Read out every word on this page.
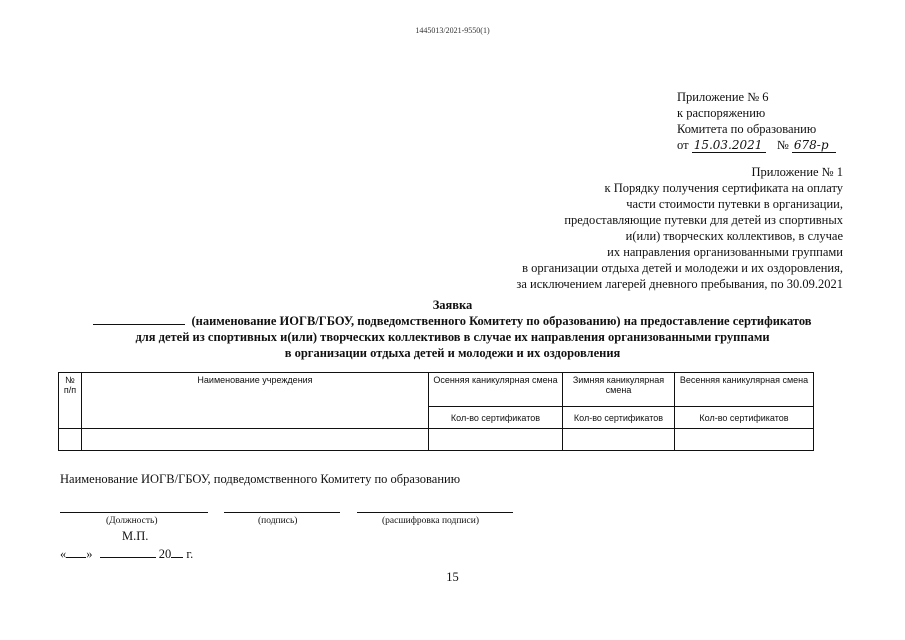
1445013/2021-9550(1)
Приложение № 6
к распоряжению
Комитета по образованию
от 15.03.2021 № 678-р
Приложение № 1
к Порядку получения сертификата на оплату
части стоимости путевки в организации,
предоставляющие путевки для детей из спортивных
и(или) творческих коллективов, в случае
их направления организованными группами
в организации отдыха детей и молодежи и их оздоровления,
за исключением лагерей дневного пребывания, по 30.09.2021
Заявка
(наименование ИОГВ/ГБОУ, подведомственного Комитету по образованию) на предоставление сертификатов
для детей из спортивных и(или) творческих коллективов в случае их направления организованными группами
в организации отдыха детей и молодежи и их оздоровления
№ п/п	Наименование учреждения	Осенняя каникулярная смена	Зимняя каникулярная смена	Весенняя каникулярная смена
		Кол-во сертификатов	Кол-во сертификатов	Кол-во сертификатов

Наименование ИОГВ/ГБОУ, подведомственного Комитету по образованию
(Должность)	(подпись)	(расшифровка подписи)
М.П.
« »	20 г.
15
